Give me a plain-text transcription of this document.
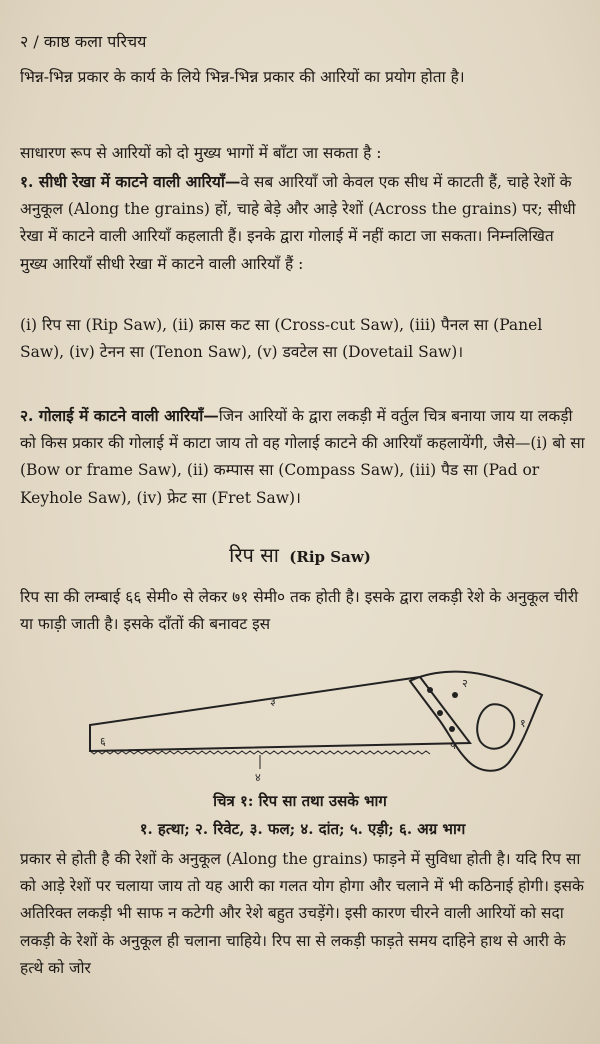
२ / काष्ठ कला परिचय

भिन्न-भिन्न प्रकार के कार्य के लिये भिन्न-भिन्न प्रकार की आरियों का प्रयोग होता है।

साधारण रूप से आरियों को दो मुख्य भागों में बाँटा जा सकता है :

१. सीधी रेखा में काटने वाली आरियाँ—वे सब आरियाँ जो केवल एक सीध में काटती हैं, चाहे रेशों के अनुकूल (Along the grains) हों, चाहे बेड़े और आड़े रेशों (Across the grains) पर; सीधी रेखा में काटने वाली आरियाँ कहलाती हैं। इनके द्वारा गोलाई में नहीं काटा जा सकता। निम्नलिखित मुख्य आरियाँ सीधी रेखा में काटने वाली आरियाँ हैं :

(i) रिप सा (Rip Saw), (ii) क्रास कट सा (Cross-cut Saw), (iii) पैनल सा (Panel Saw), (iv) टेनन सा (Tenon Saw), (v) डवटेल सा (Dovetail Saw)।

२. गोलाई में काटने वाली आरियाँ—जिन आरियों के द्वारा लकड़ी में वर्तुल चित्र बनाया जाय या लकड़ी को किस प्रकार की गोलाई में काटा जाय तो वह गोलाई काटने की आरियाँ कहलायेंगी, जैसे—(i) बो सा (Bow or frame Saw), (ii) कम्पास सा (Compass Saw), (iii) पैड सा (Pad or Keyhole Saw), (iv) फ्रेट सा (Fret Saw)।

रिप सा (Rip Saw)

रिप सा की लम्बाई ६६ सेमी० से लेकर ७१ सेमी० तक होती है। इसके द्वारा लकड़ी रेशे के अनुकूल चीरी या फाड़ी जाती है। इसके दाँतों की बनावट इस

६
३
५
१
२
४
चित्र १: रिप सा तथा उसके भाग
१. हत्था; २. रिवेट, ३. फल; ४. दांत; ५. एड़ी; ६. अग्र भाग

प्रकार से होती है की रेशों के अनुकूल (Along the grains) फाड़ने में सुविधा होती है। यदि रिप सा को आड़े रेशों पर चलाया जाय तो यह आरी का गलत योग होगा और चलाने में भी कठिनाई होगी। इसके अतिरिक्त लकड़ी भी साफ न कटेगी और रेशे बहुत उचड़ेंगे। इसी कारण चीरने वाली आरियों को सदा लकड़ी के रेशों के अनुकूल ही चलाना चाहिये। रिप सा से लकड़ी फाड़ते समय दाहिने हाथ से आरी के हत्थे को जोर
